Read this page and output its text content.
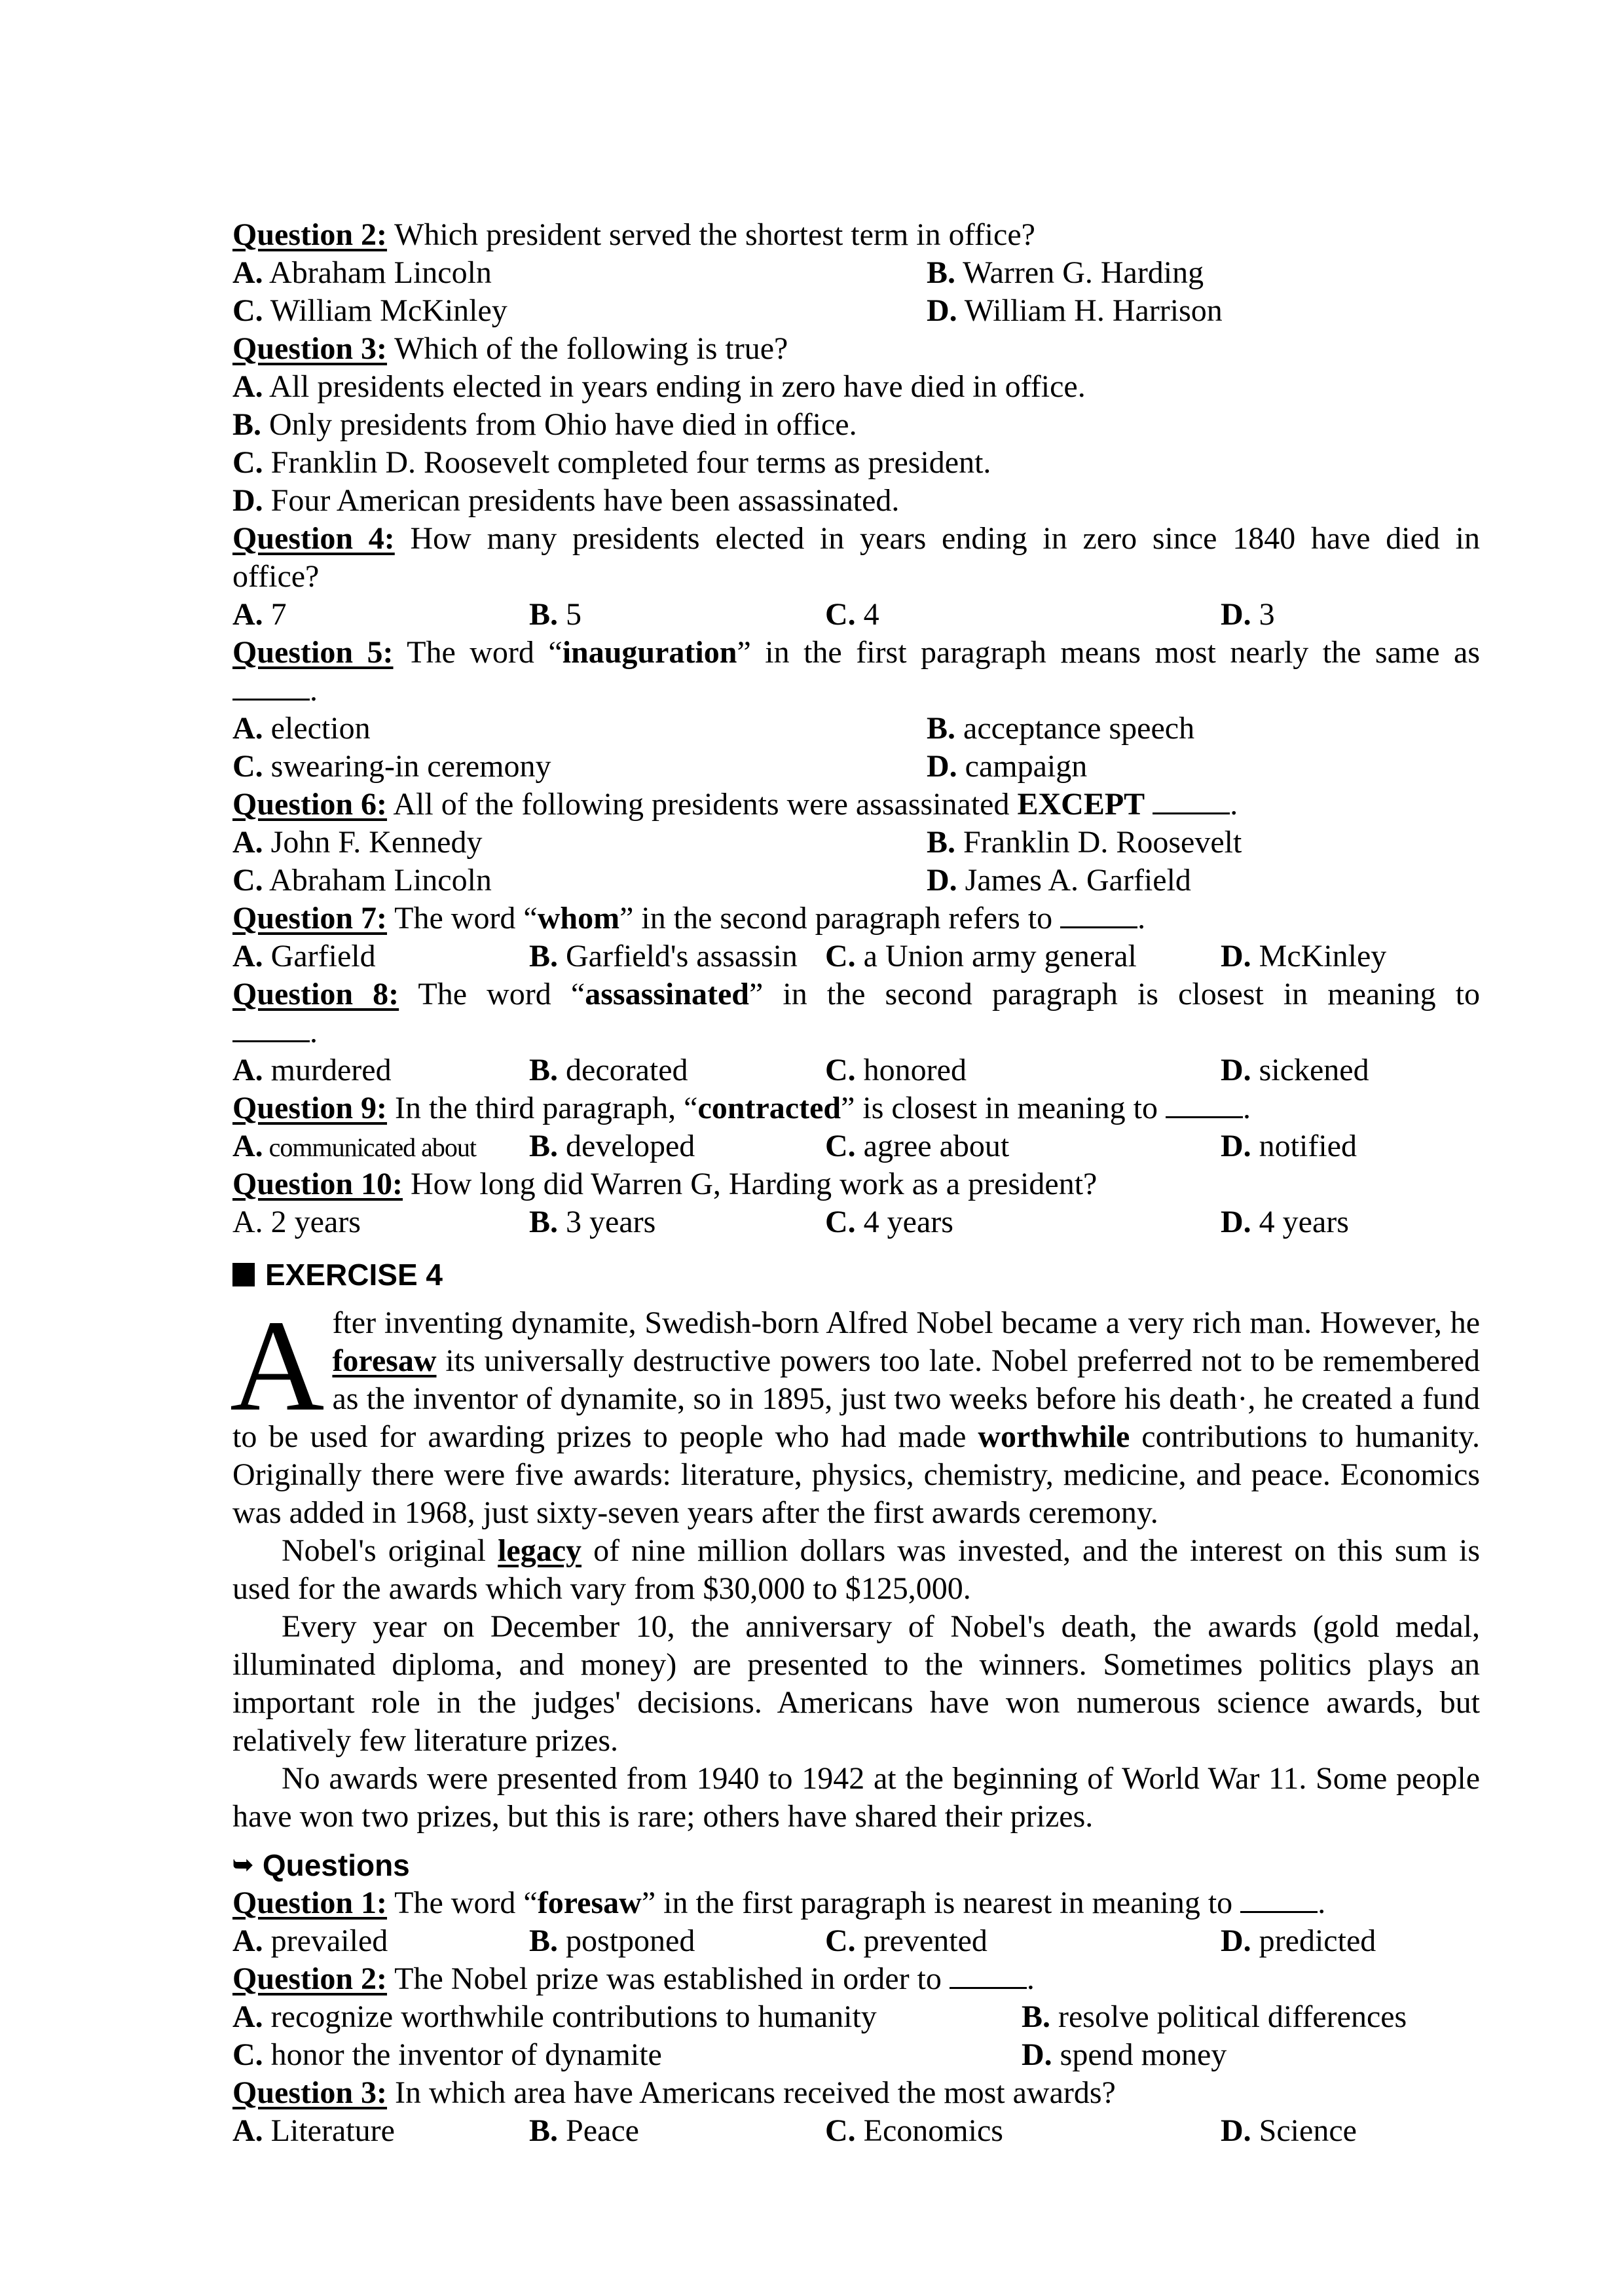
Question 2: Which president served the shortest term in office?
A. Abraham Lincoln	B. Warren G. Harding
C. William McKinley	D. William H. Harrison
Question 3: Which of the following is true?
A. All presidents elected in years ending in zero have died in office.
B. Only presidents from Ohio have died in office.
C. Franklin D. Roosevelt completed four terms as president.
D. Four American presidents have been assassinated.
Question 4: How many presidents elected in years ending in zero since 1840 have died in
office?
A. 7	B. 5	C. 4	D. 3
Question 5: The word “inauguration” in the first paragraph means most nearly the same as
.
A. election	B. acceptance speech
C. swearing-in ceremony	D. campaign
Question 6: All of the following presidents were assassinated EXCEPT	.
A. John F. Kennedy	B. Franklin D. Roosevelt
C. Abraham Lincoln	D. James A. Garfield
Question 7: The word “whom” in the second paragraph refers to .
A. Garfield	B. Garfield's assassin C. a Union army general	D. McKinley
Question 8: The word “assassinated” in the second paragraph is closest in meaning to
.
A. murdered	B. decorated	C. honored	D. sickened
Question 9: In the third paragraph, “contracted” is closest in meaning to .
A. communicated about	B. developed	C. agree about	D. notified
Question 10: How long did Warren G, Harding work as a president?
A. 2 years	B. 3 years	C. 4 years	D. 4 years
EXERCISE 4
After inventing dynamite, Swedish-born Alfred Nobel became a very rich man. However, he foresaw its universally destructive powers too late. Nobel preferred not to be remembered as the inventor of dynamite, so in 1895, just two weeks before his death·, he created a fund to be used for awarding prizes to people who had made worthwhile contributions to humanity. Originally there were five awards: literature, physics, chemistry, medicine, and peace. Economics was added in 1968, just sixty-seven years after the first awards ceremony.
Nobel's original legacy of nine million dollars was invested, and the interest on this sum is used for the awards which vary from $30,000 to $125,000.
Every year on December 10, the anniversary of Nobel's death, the awards (gold medal, illuminated diploma, and money) are presented to the winners. Sometimes politics plays an important role in the judges' decisions. Americans have won numerous science awards, but relatively few literature prizes.
No awards were presented from 1940 to 1942 at the beginning of World War 11. Some people have won two prizes, but this is rare; others have shared their prizes.
➥ Questions
Question 1: The word “foresaw” in the first paragraph is nearest in meaning to .
A. prevailed	B. postponed	C. prevented	D. predicted
Question 2: The Nobel prize was established in order to .
A. recognize worthwhile contributions to humanity	B. resolve political differences
C. honor the inventor of dynamite	D. spend money
Question 3: In which area have Americans received the most awards?
A. Literature	B. Peace	C. Economics	D. Science
